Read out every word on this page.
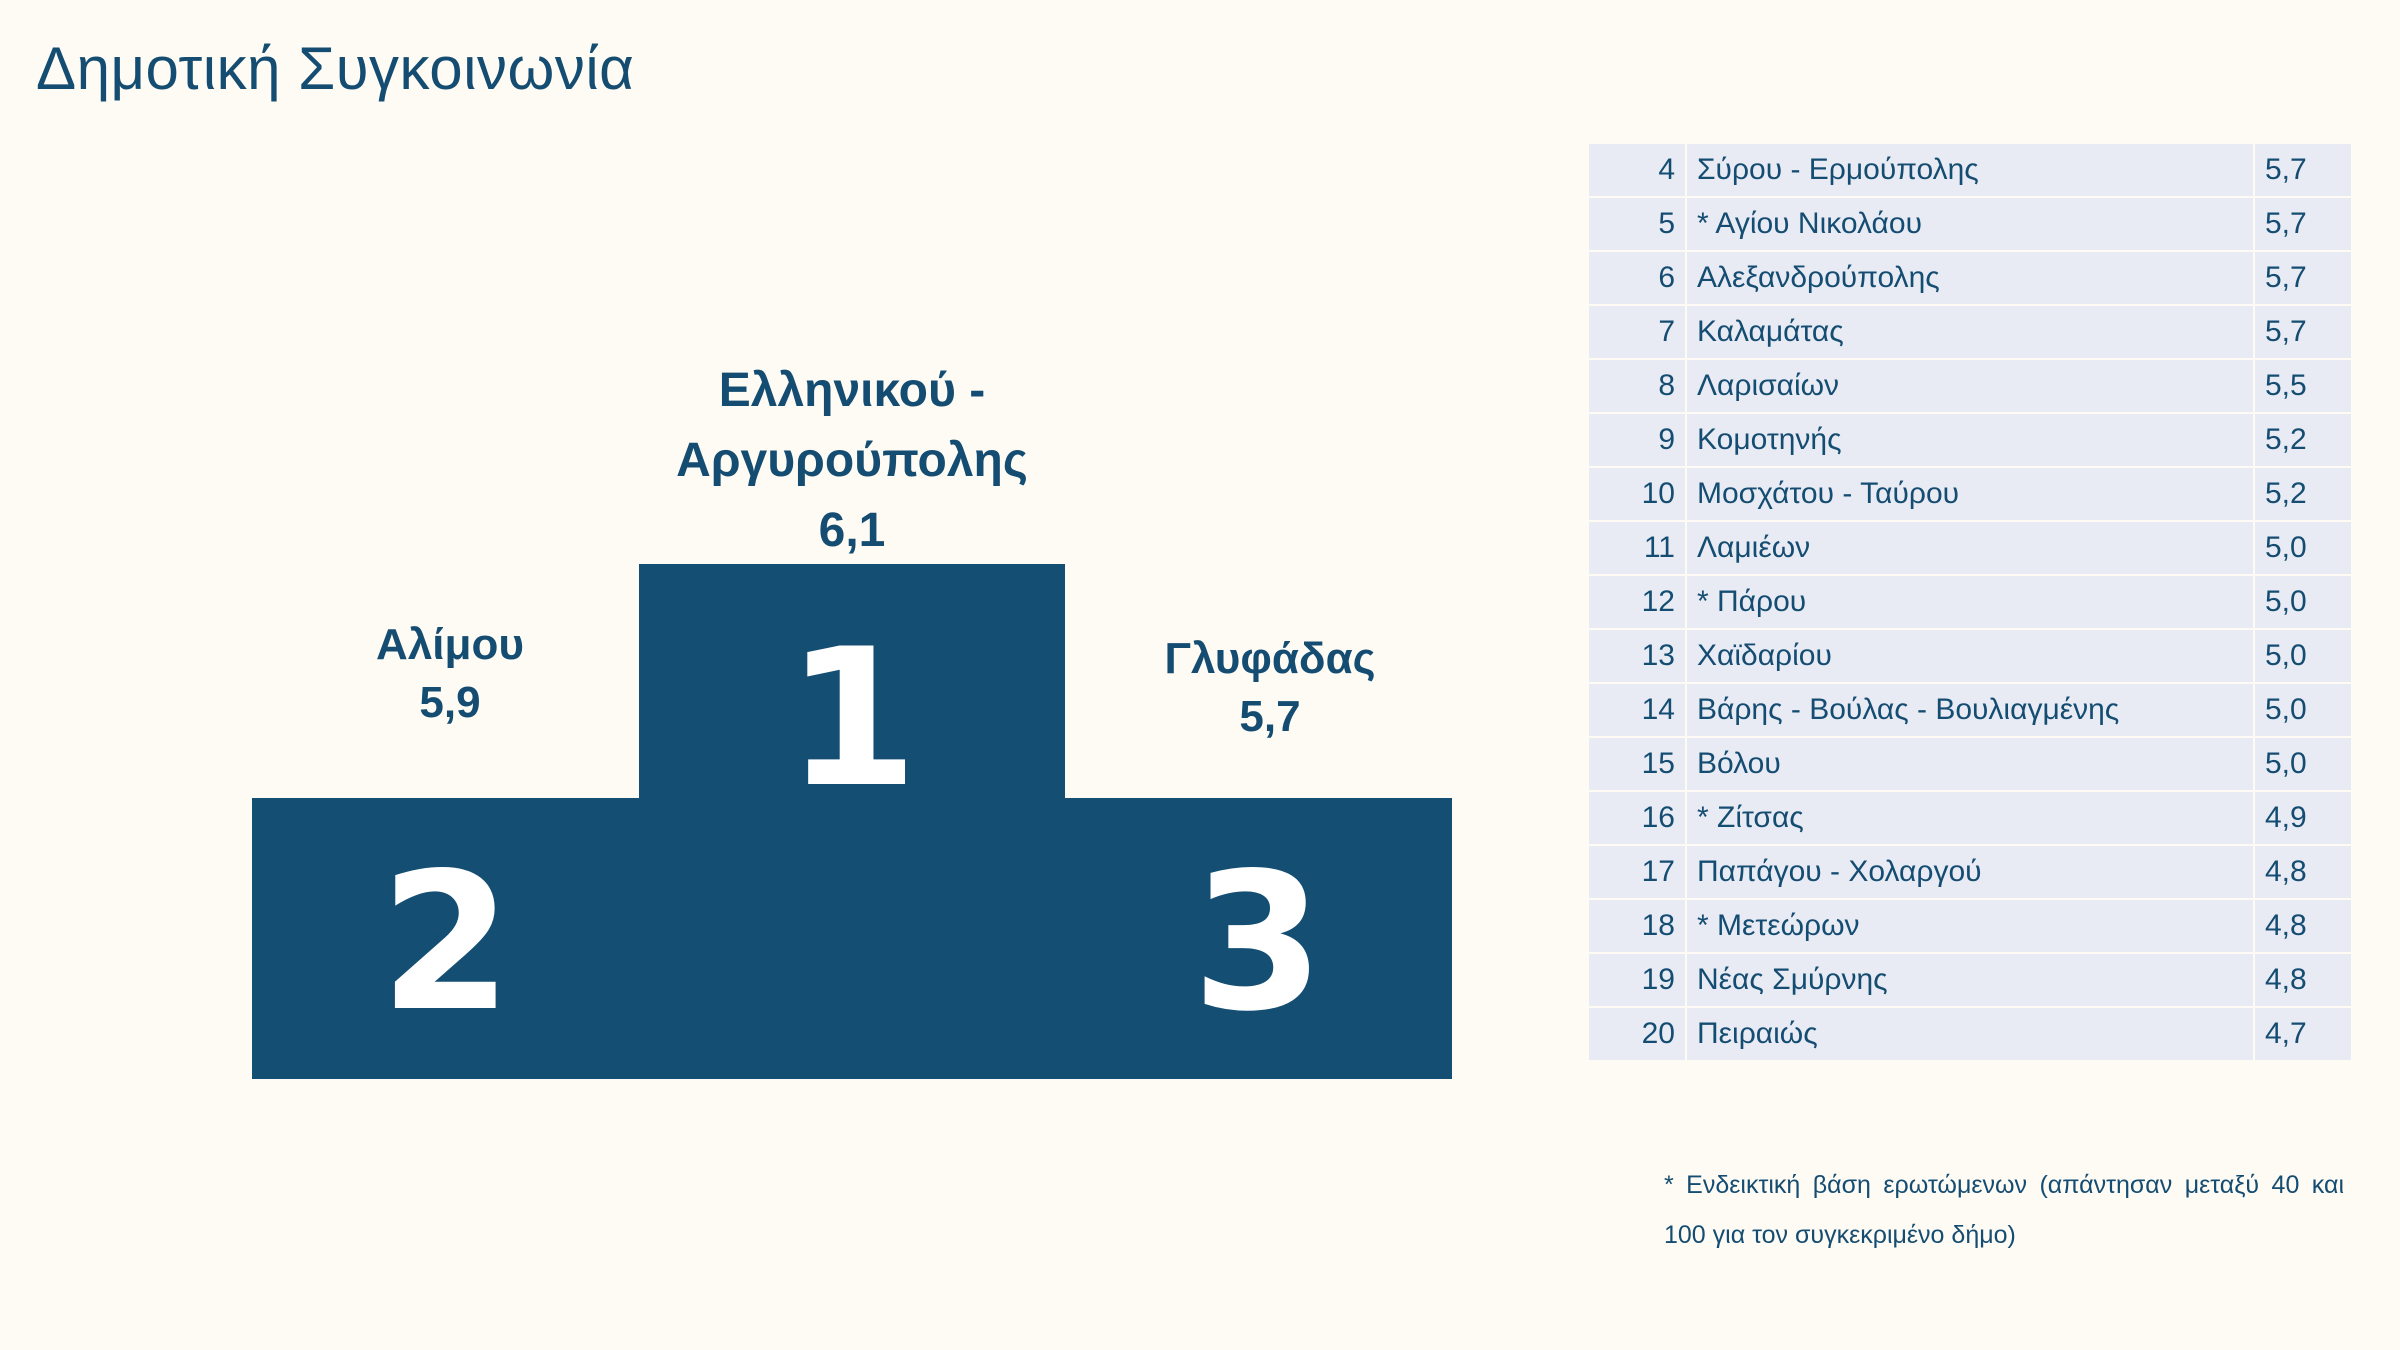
Δημοτική Συγκοινωνία
2
1
3
Ελληνικού - Αργυρούπολης
6,1
Αλίμου
5,9
Γλυφάδας
5,7
4	Σύρου - Ερμούπολης	5,7
5	* Αγίου Νικολάου	5,7
6	Αλεξανδρούπολης	5,7
7	Καλαμάτας	5,7
8	Λαρισαίων	5,5
9	Κομοτηνής	5,2
10	Μοσχάτου - Ταύρου	5,2
11	Λαμιέων	5,0
12	* Πάρου	5,0
13	Χαϊδαρίου	5,0
14	Βάρης - Βούλας - Βουλιαγμένης	5,0
15	Βόλου	5,0
16	* Ζίτσας	4,9
17	Παπάγου - Χολαργού	4,8
18	* Μετεώρων	4,8
19	Νέας Σμύρνης	4,8
20	Πειραιώς	4,7
* Ενδεικτική βάση ερωτώμενων (απάντησαν μεταξύ 40 και 100 για τον συγκεκριμένο δήμο)
